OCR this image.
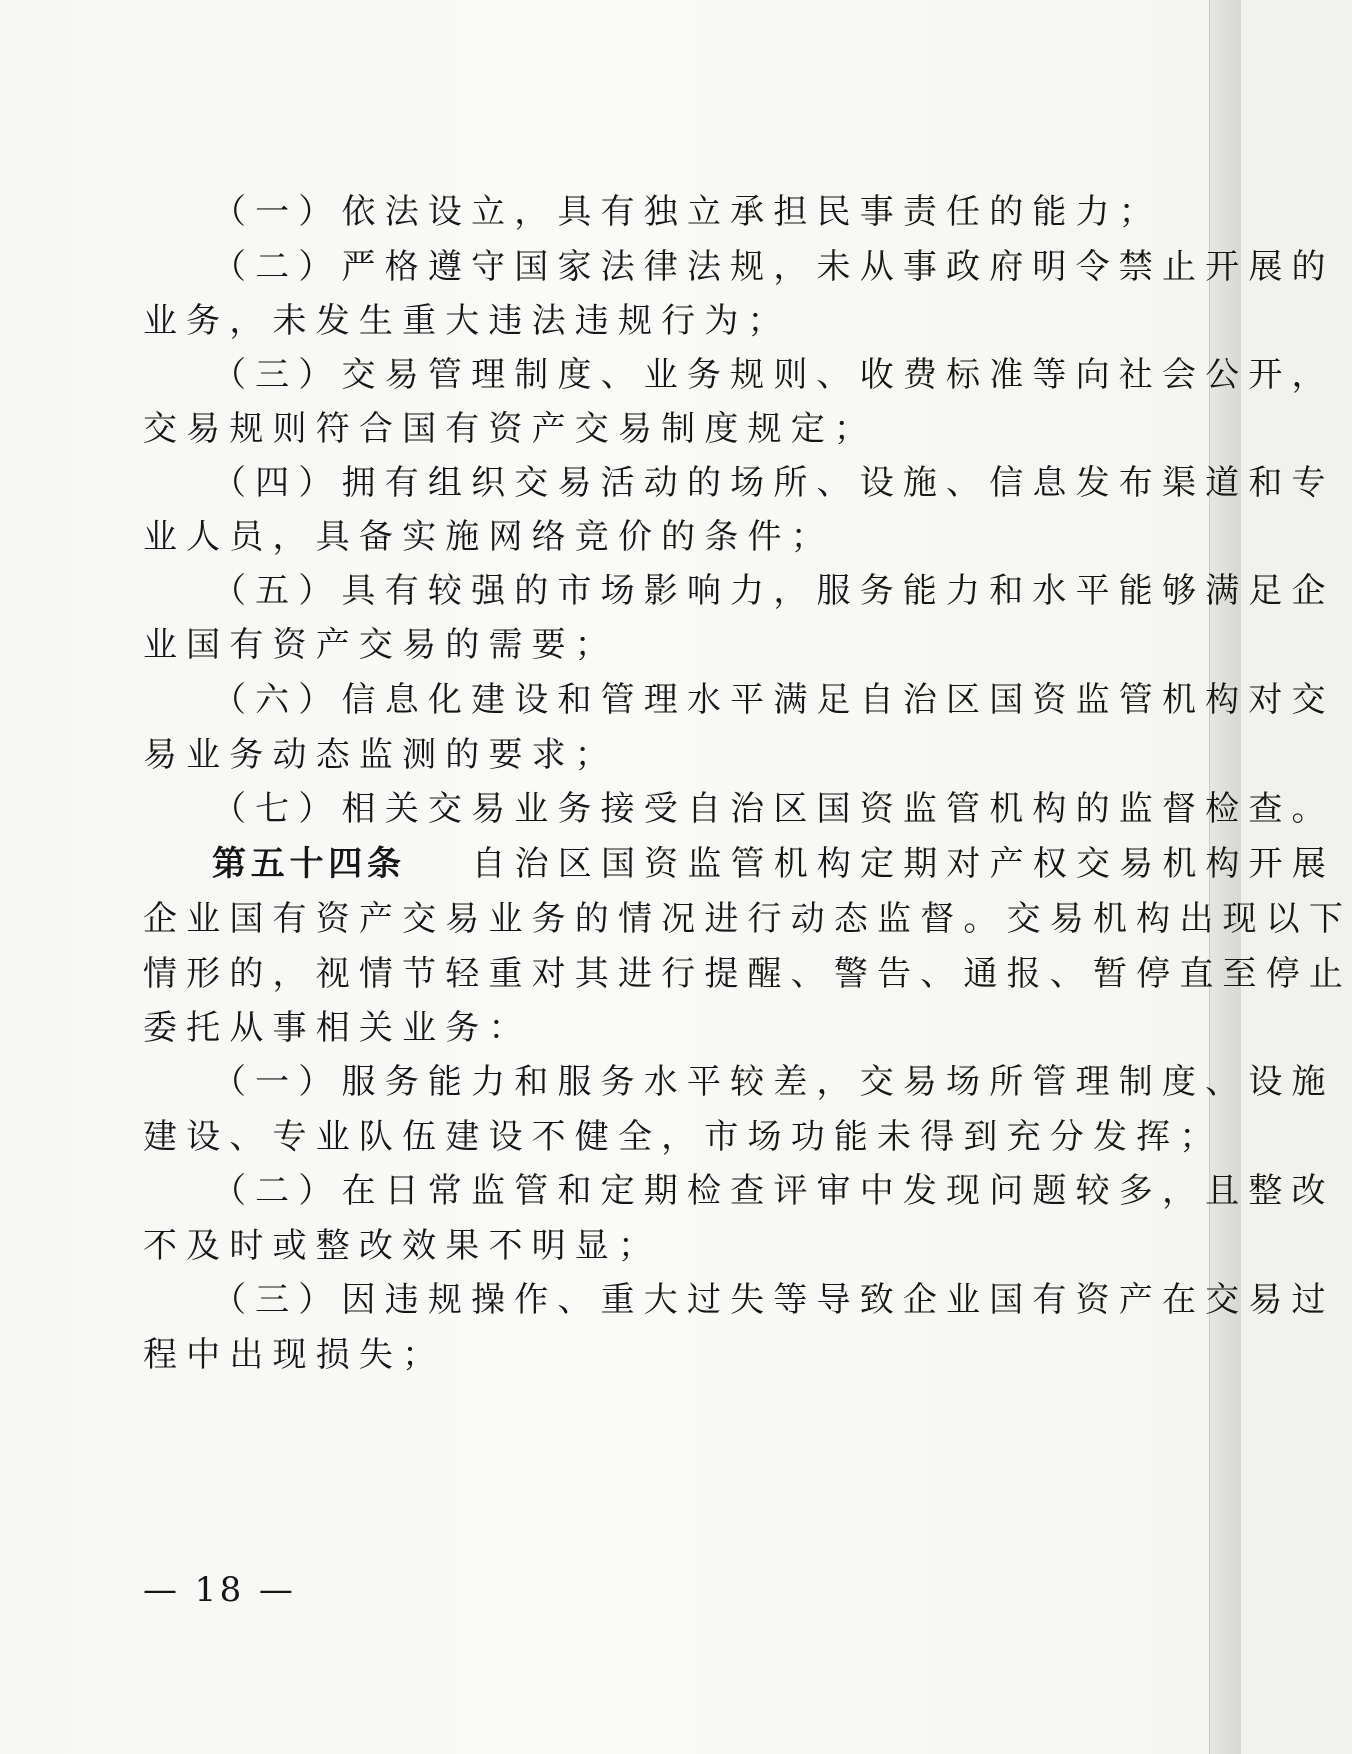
（一）依法设立，具有独立承担民事责任的能力；
（二）严格遵守国家法律法规，未从事政府明令禁止开展的
业务，未发生重大违法违规行为；
（三）交易管理制度、业务规则、收费标准等向社会公开，
交易规则符合国有资产交易制度规定；
（四）拥有组织交易活动的场所、设施、信息发布渠道和专
业人员，具备实施网络竞价的条件；
（五）具有较强的市场影响力，服务能力和水平能够满足企
业国有资产交易的需要；
（六）信息化建设和管理水平满足自治区国资监管机构对交
易业务动态监测的要求；
（七）相关交易业务接受自治区国资监管机构的监督检查。
第五十四条 自治区国资监管机构定期对产权交易机构开展
企业国有资产交易业务的情况进行动态监督。交易机构出现以下
情形的，视情节轻重对其进行提醒、警告、通报、暂停直至停止
委托从事相关业务：
（一）服务能力和服务水平较差，交易场所管理制度、设施
建设、专业队伍建设不健全，市场功能未得到充分发挥；
（二）在日常监管和定期检查评审中发现问题较多，且整改
不及时或整改效果不明显；
（三）因违规操作、重大过失等导致企业国有资产在交易过
程中出现损失；
— 18 —
